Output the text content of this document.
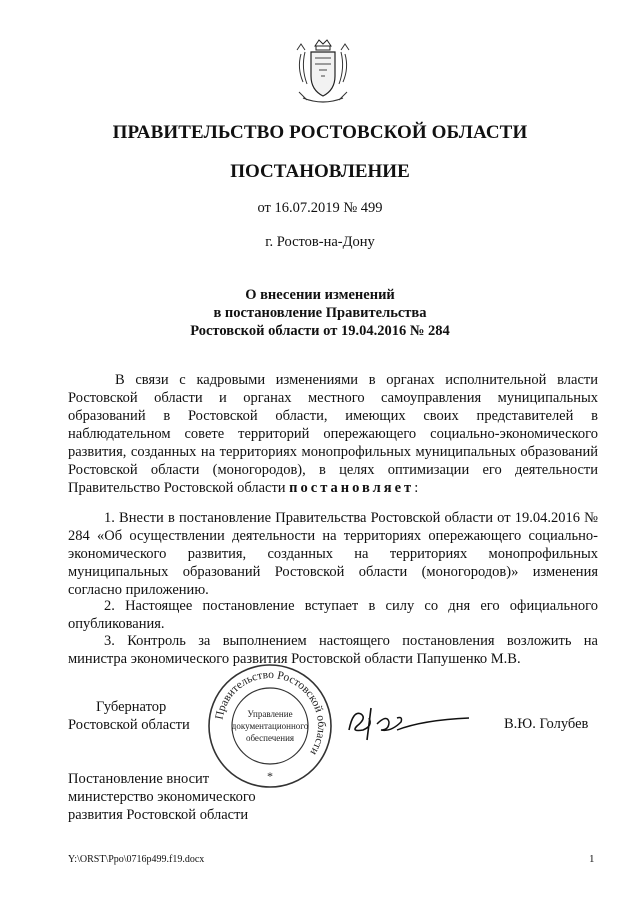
ПРАВИТЕЛЬСТВО РОСТОВСКОЙ ОБЛАСТИ
ПОСТАНОВЛЕНИЕ
от 16.07.2019 № 499
г. Ростов-на-Дону
О внесении изменений
в постановление Правительства
Ростовской области от 19.04.2016 № 284
В связи с кадровыми изменениями в органах исполнительной власти Ростовской области и органах местного самоуправления муниципальных образований в Ростовской области, имеющих своих представителей в наблюдательном совете территорий опережающего социально-экономического развития, созданных на территориях монопрофильных муниципальных образований Ростовской области (моногородов), в целях оптимизации его деятельности Правительство Ростовской области постановляет:
1. Внести в постановление Правительства Ростовской области от 19.04.2016 № 284 «Об осуществлении деятельности на территориях опережающего социально-экономического развития, созданных на территориях монопрофильных муниципальных образований Ростовской области (моногородов)» изменения согласно приложению.
2. Настоящее постановление вступает в силу со дня его официального опубликования.
3. Контроль за выполнением настоящего постановления возложить на министра экономического развития Ростовской области Папушенко М.В.
Губернатор
Ростовской области
Правительство Ростовской области
Управление
документационного
обеспечения
*
В.Ю. Голубев
Постановление вносит
министерство экономического
развития Ростовской области
Y:\ORST\Ppo\0716p499.f19.docx	1
